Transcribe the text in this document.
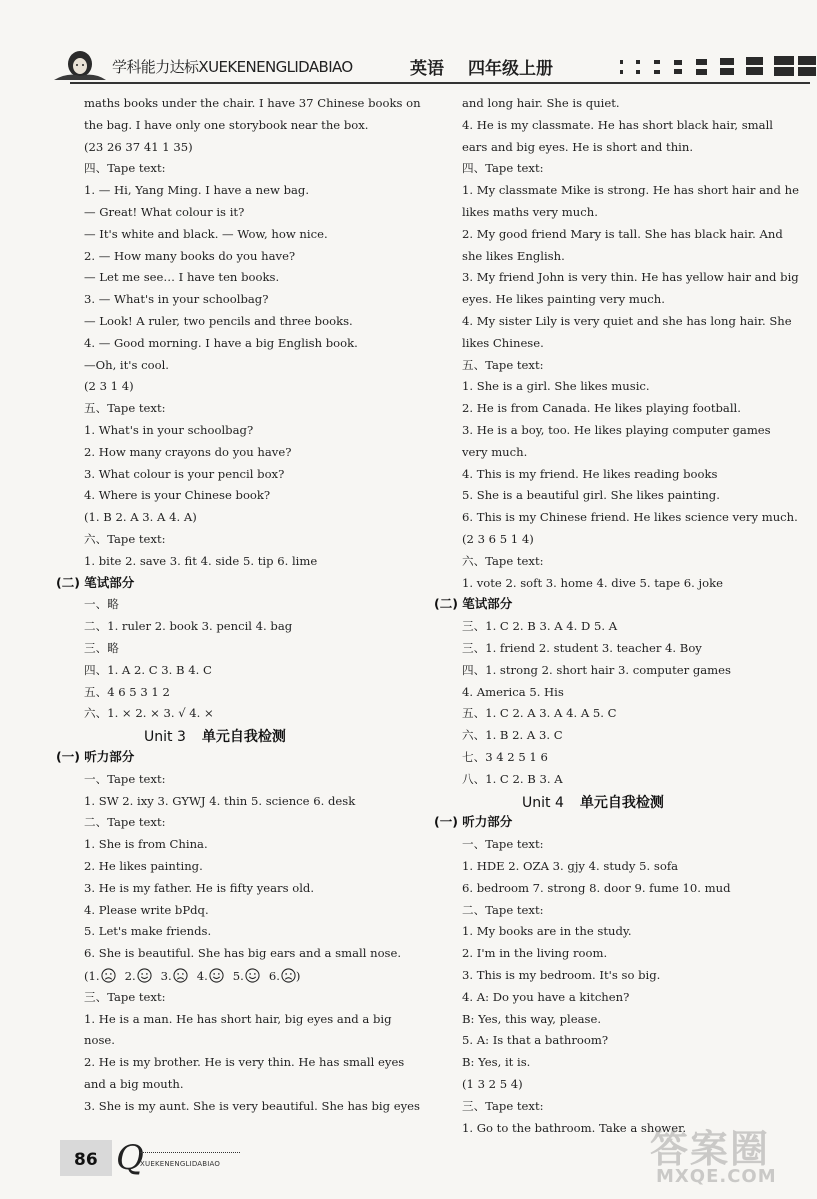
学科能力达标XUEKENENGLIDABIAO	英语 四年级上册
maths books under the chair. I have 37 Chinese books on
the bag. I have only one storybook near the box.
(23 26 37 41 1 35)
四、Tape text:
1. — Hi, Yang Ming. I have a new bag.
— Great! What colour is it?
— It's white and black. — Wow, how nice.
2. — How many books do you have?
— Let me see… I have ten books.
3. — What's in your schoolbag?
— Look! A ruler, two pencils and three books.
4. — Good morning. I have a big English book.
—Oh, it's cool.
(2 3 1 4)
五、Tape text:
1. What's in your schoolbag?
2. How many crayons do you have?
3. What colour is your pencil box?
4. Where is your Chinese book?
(1. B 2. A 3. A 4. A)
六、Tape text:
1. bite 2. save 3. fit 4. side 5. tip 6. lime
(二) 笔试部分
一、略
二、1. ruler 2. book 3. pencil 4. bag
三、略
四、1. A 2. C 3. B 4. C
五、4 6 5 3 1 2
六、1. × 2. × 3. √ 4. ×
Unit 3 单元自我检测
(一) 听力部分
一、Tape text:
1. SW 2. ixy 3. GYWJ 4. thin 5. science 6. desk
二、Tape text:
1. She is from China.
2. He likes painting.
3. He is my father. He is fifty years old.
4. Please write bPdq.
5. Let's make friends.
6. She is beautiful. She has big ears and a small nose.
(1. 2. 3. 4. 5. 6. )
三、Tape text:
1. He is a man. He has short hair, big eyes and a big
nose.
2. He is my brother. He is very thin. He has small eyes
and a big mouth.
3. She is my aunt. She is very beautiful. She has big eyes
and long hair. She is quiet.
4. He is my classmate. He has short black hair, small
ears and big eyes. He is short and thin.
四、Tape text:
1. My classmate Mike is strong. He has short hair and he
likes maths very much.
2. My good friend Mary is tall. She has black hair. And
she likes English.
3. My friend John is very thin. He has yellow hair and big
eyes. He likes painting very much.
4. My sister Lily is very quiet and she has long hair. She
likes Chinese.
五、Tape text:
1. She is a girl. She likes music.
2. He is from Canada. He likes playing football.
3. He is a boy, too. He likes playing computer games
very much.
4. This is my friend. He likes reading books
5. She is a beautiful girl. She likes painting.
6. This is my Chinese friend. He likes science very much.
(2 3 6 5 1 4)
六、Tape text:
1. vote 2. soft 3. home 4. dive 5. tape 6. joke
(二) 笔试部分
三、1. C 2. B 3. A 4. D 5. A
三、1. friend 2. student 3. teacher 4. Boy
四、1. strong 2. short hair 3. computer games
4. America 5. His
五、1. C 2. A 3. A 4. A 5. C
六、1. B 2. A 3. C
七、3 4 2 5 1 6
八、1. C 2. B 3. A
Unit 4 单元自我检测
(一) 听力部分
一、Tape text:
1. HDE 2. OZA 3. gjy 4. study 5. sofa
6. bedroom 7. strong 8. door 9. fume 10. mud
二、Tape text:
1. My books are in the study.
2. I'm in the living room.
3. This is my bedroom. It's so big.
4. A: Do you have a kitchen?
B: Yes, this way, please.
5. A: Is that a bathroom?
B: Yes, it is.
(1 3 2 5 4)
三、Tape text:
1. Go to the bathroom. Take a shower.
86 Q
XUEKENENGLIDABIAO	答案圈
MXQE.COM
